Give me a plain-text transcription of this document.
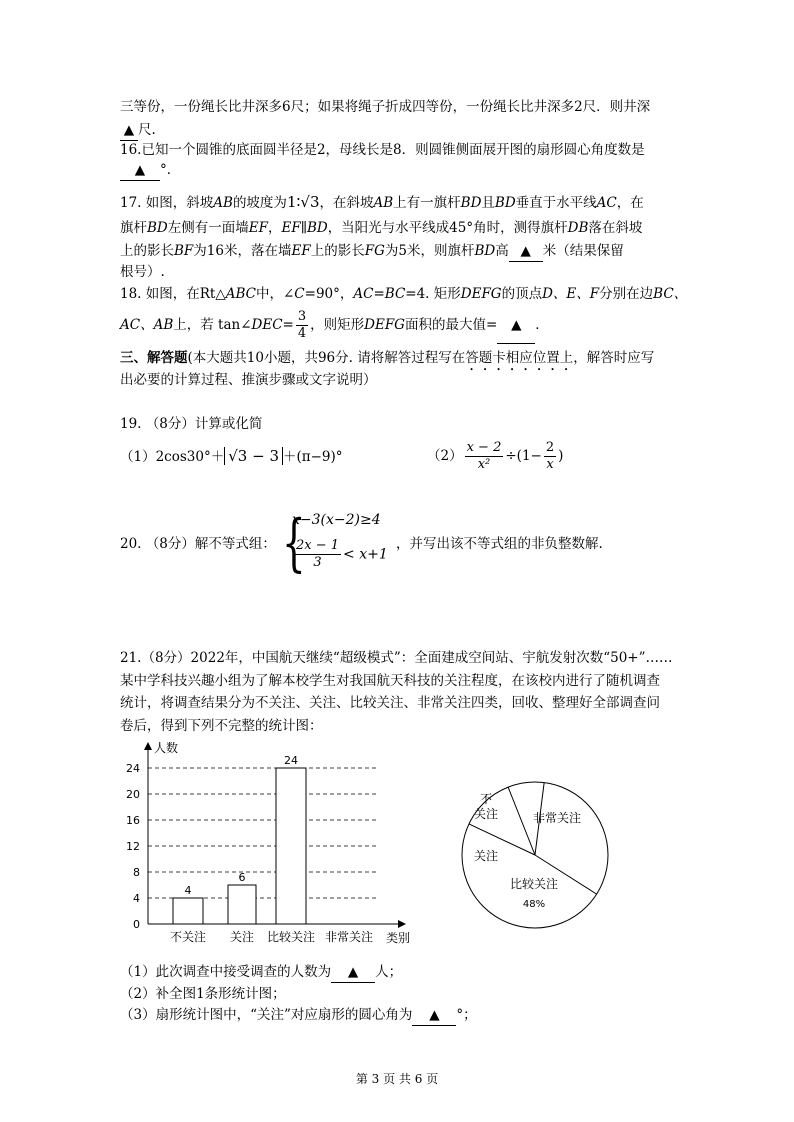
三等份，一份绳长比井深多6尺；如果将绳子折成四等份，一份绳长比井深多2尺．则井深
▲ 尺.
16.已知一个圆锥的底面圆半径是2，母线长是8．则圆锥侧面展开图的扇形圆心角度数是
▲ °．
17. 如图，斜坡AB的坡度为1∶√3，在斜坡AB上有一旗杆BD且BD垂直于水平线AC，在
旗杆BD左侧有一面墙EF，EF∥BD，当阳光与水平线成45°角时，测得旗杆DB落在斜坡
上的影长BF为16米，落在墙EF上的影长FG为5米，则旗杆BD高 ▲ 米（结果保留
根号）.
18. 如图，在Rt△ABC中，∠C=90°，AC=BC=4. 矩形DEFG的顶点D、E、F分别在边BC、
AC、AB上，若 tan∠DEC= $\frac{3}{4}$ ，则矩形DEFG面积的最大值= ▲ ．
三、解答题(本大题共10小题，共96分. 请将解答过程写在答题卡相应位置上，解答时应写
出必要的计算过程、推演步骤或文字说明）
19. （8分）计算或化简
（1）2cos30°＋ √3 − 3 ＋(π−9)°	$(2) \frac{x - 2}{\text{x²}} \div(1- \frac{2}{x}$ )
20. （8分）解不等式组： {
x−3(x−2)≥4
$\frac{2x - 1}{3} < x+1$
，并写出该不等式组的非负整数解.
21.（8分）2022年，中国航天继续“超级模式”：全面建成空间站、宇航发射次数“50+”……
某中学科技兴趣小组为了解本校学生对我国航天科技的关注程度，在该校内进行了随机调查
统计，将调查结果分为不关注、关注、比较关注、非常关注四类，回收、整理好全部调查问
卷后，得到下列不完整的统计图：
0
4
8
12
16
20
24
人数
类别
4
不关注
6
关注
24
比较关注 非常关注
不
关注
关注
比较关注
非常关注
48%
（1）此次调查中接受调查的人数为 ▲ 人；
（2）补全图1条形统计图；
（3）扇形统计图中，“关注”对应扇形的圆心角为 ▲ °；
第 3 页 共 6 页
